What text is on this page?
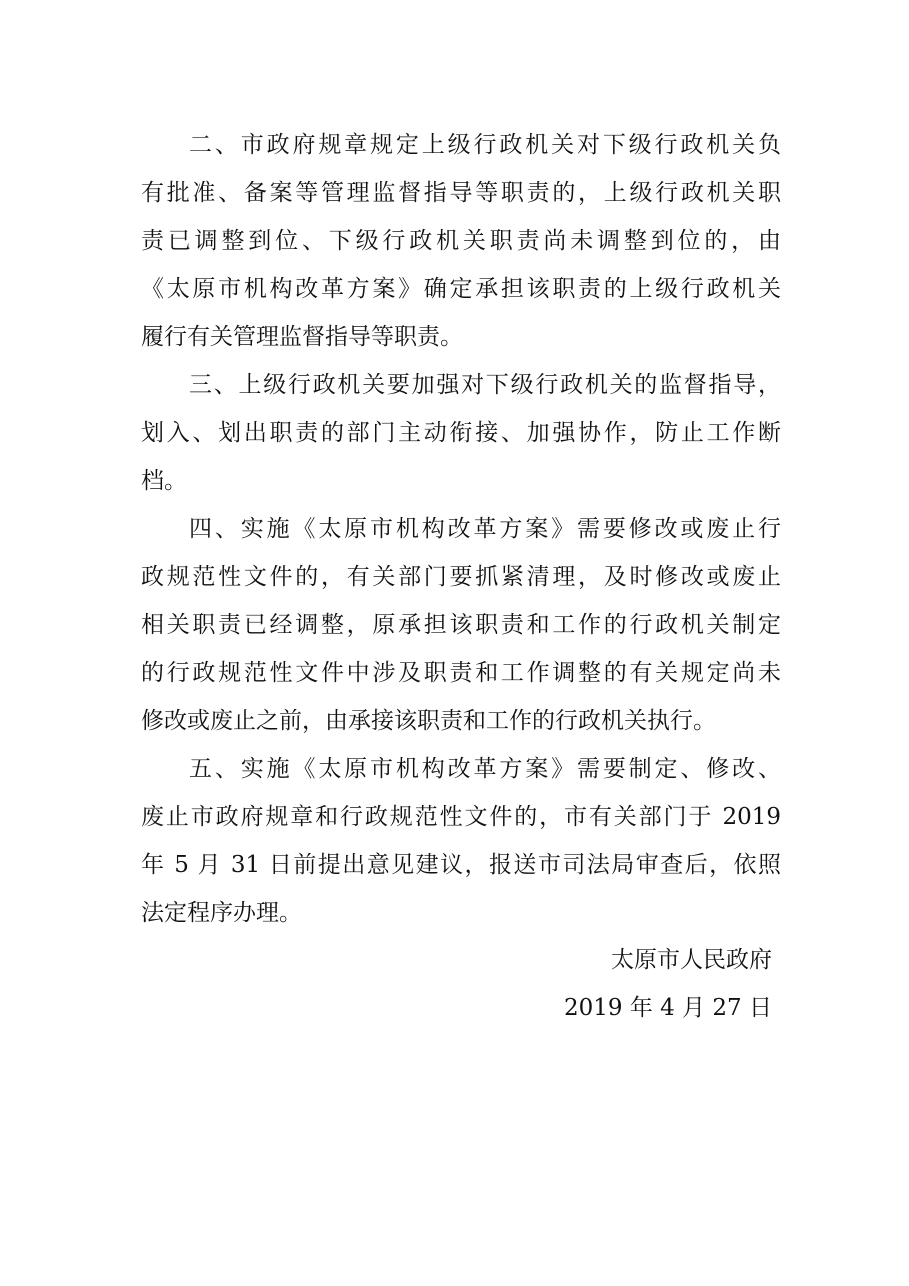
二、市政府规章规定上级行政机关对下级行政机关负
有批准、备案等管理监督指导等职责的，上级行政机关职
责已调整到位、下级行政机关职责尚未调整到位的，由
《太原市机构改革方案》确定承担该职责的上级行政机关
履行有关管理监督指导等职责。
三、上级行政机关要加强对下级行政机关的监督指导，
划入、划出职责的部门主动衔接、加强协作，防止工作断
档。
四、实施《太原市机构改革方案》需要修改或废止行
政规范性文件的，有关部门要抓紧清理，及时修改或废止
相关职责已经调整，原承担该职责和工作的行政机关制定
的行政规范性文件中涉及职责和工作调整的有关规定尚未
修改或废止之前，由承接该职责和工作的行政机关执行。
五、实施《太原市机构改革方案》需要制定、修改、
废止市政府规章和行政规范性文件的，市有关部门于 2019
年 5 月 31 日前提出意见建议，报送市司法局审查后，依照
法定程序办理。
太原市人民政府
2019 年 4 月 27 日
